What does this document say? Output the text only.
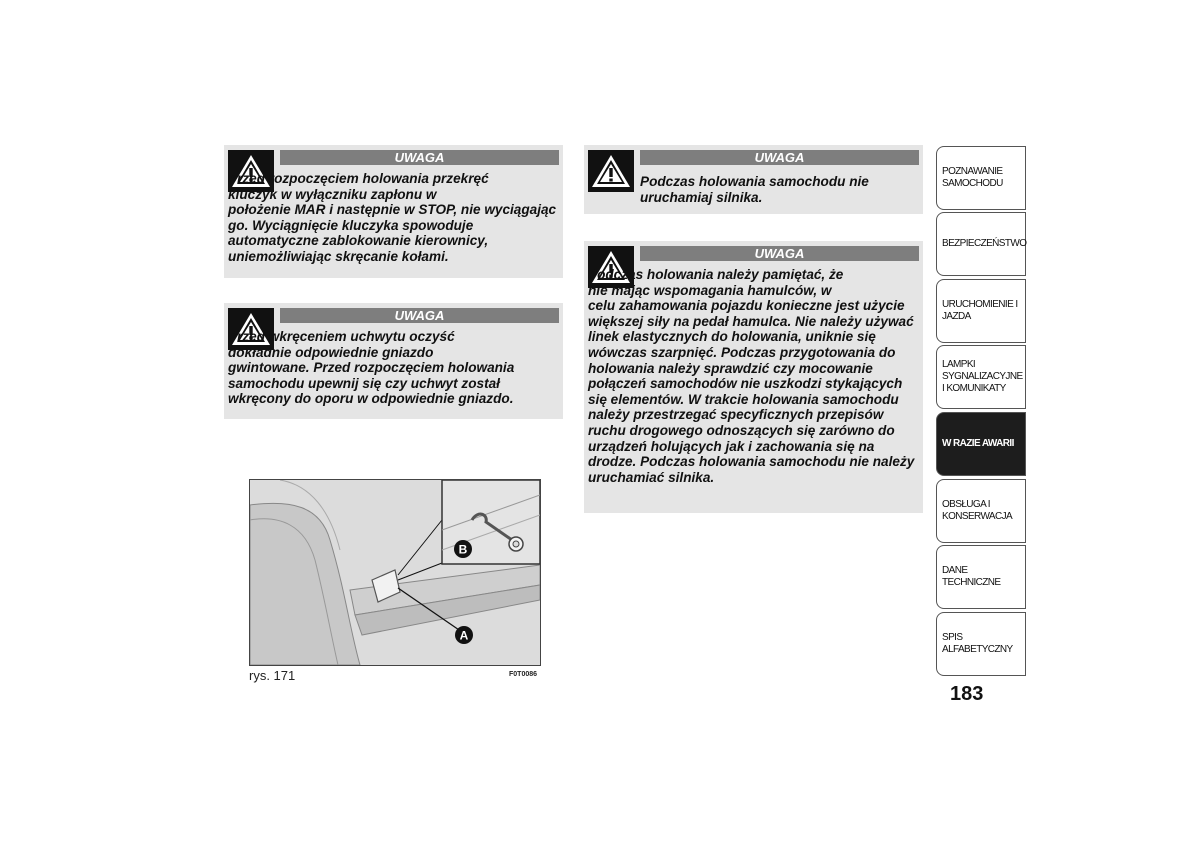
UWAGA
Przed rozpoczęciem holowania przekręć
kluczyk w wyłączniku zapłonu w
położenie MAR i następnie w STOP, nie wyciągając go. Wyciągnięcie kluczyka spowoduje automatyczne zablokowanie kierownicy, uniemożliwiając skręcanie kołami.
UWAGA
Przed wkręceniem uchwytu oczyść
dokładnie odpowiednie gniazdo
gwintowane. Przed rozpoczęciem holowania samochodu upewnij się czy uchwyt został wkręcony do oporu w odpowiednie gniazdo.
UWAGA
Podczas holowania samochodu nie uruchamiaj silnika.
UWAGA
Podczas holowania należy pamiętać, że
nie mając wspomagania hamulców, w
celu zahamowania pojazdu konieczne jest użycie większej siły na pedał hamulca. Nie należy używać linek elastycznych do holowania, uniknie się wówczas szarpnięć. Podczas przygotowania do holowania należy sprawdzić czy mocowanie połączeń samochodów nie uszkodzi stykających się elementów. W trakcie holowania samochodu należy przestrzegać specyficznych przepisów ruchu drogowego odnoszących się zarówno do urządzeń holujących jak i zachowania się na drodze. Podczas holowania samochodu nie należy uruchamiać silnika.
A
B
rys. 171	F0T0086
POZNAWANIE SAMOCHODU
BEZPIECZEŃSTWO
URUCHOMIENIE I JAZDA
LAMPKI SYGNALIZACYJNE I KOMUNIKATY
W RAZIE AWARII
OBSŁUGA I KONSERWACJA
DANE TECHNICZNE
SPIS ALFABETYCZNY
183
